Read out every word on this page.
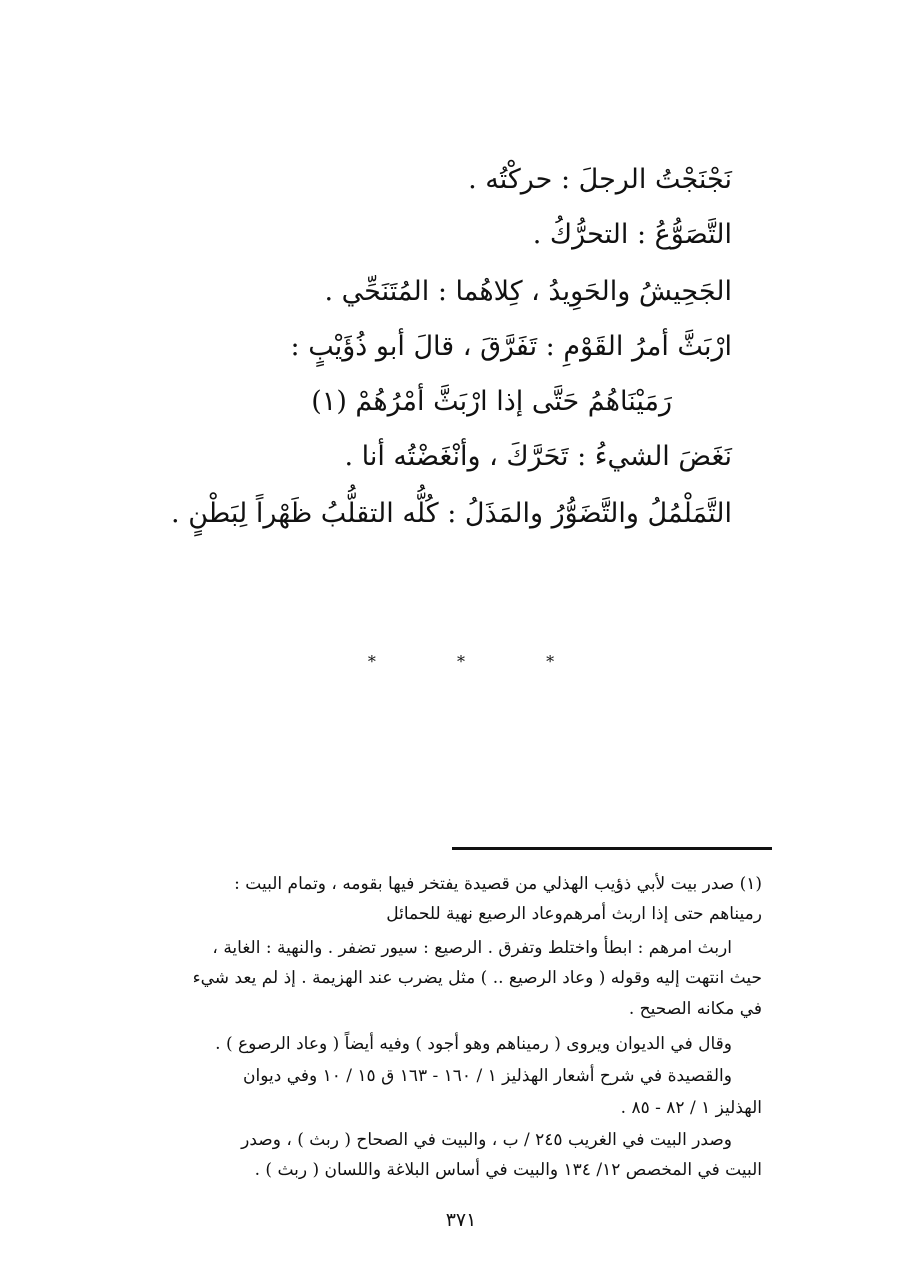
نَجْنَجْتُ الرجلَ : حركْتُه .

التَّصَوُّعُ : التحرُّكُ .

الجَحِيشُ والحَوِيدُ ، كِلاهُما : المُتَنَحِّي .

ارْبَثَّ أمرُ القَوْمِ : تَفَرَّقَ ، قالَ أبو ذُؤَيْبٍ :

رَمَيْنَاهُمُ حَتَّى إذا ارْبَثَّ أمْرُهُمْ (١)

نَغَضَ الشيءُ : تَحَرَّكَ ، وأنْغَضْتُه أنا .

التَّمَلْمُلُ والتَّضَوُّرُ والمَذَلُ : كُلُّه التقلُّبُ ظَهْراً لِبَطْنٍ .

* * *

(١) صدر بيت لأبي ذؤيب الهذلي من قصيدة يفتخر فيها بقومه ، وتمام البيت :

رميناهم حتى إذا اربث أمرهم
وعاد الرصيع نهية للحمائل

اربث امرهم : ابطأ واختلط وتفرق . الرصيع : سيور تضفر . والنهية : الغاية ،

حيث انتهت إليه وقوله ( وعاد الرصيع .. ) مثل يضرب عند الهزيمة . إذ لم يعد شيء

في مكانه الصحيح .

وقال في الديوان ويروى ( رميناهم وهو أجود ) وفيه أيضاً ( وعاد الرصوع ) .

والقصيدة في شرح أشعار الهذليز ١ / ١٦٠ - ١٦٣ ق ١٥ / ١٠ وفي ديوان

الهذليز ١ / ٨٢ - ٨٥ .

وصدر البيت في الغريب ٢٤٥ / ب ، والبيت في الصحاح ( ربث ) ، وصدر

البيت في المخصص ١٢/ ١٣٤ والبيت في أساس البلاغة واللسان ( ربث ) .

٣٧١
